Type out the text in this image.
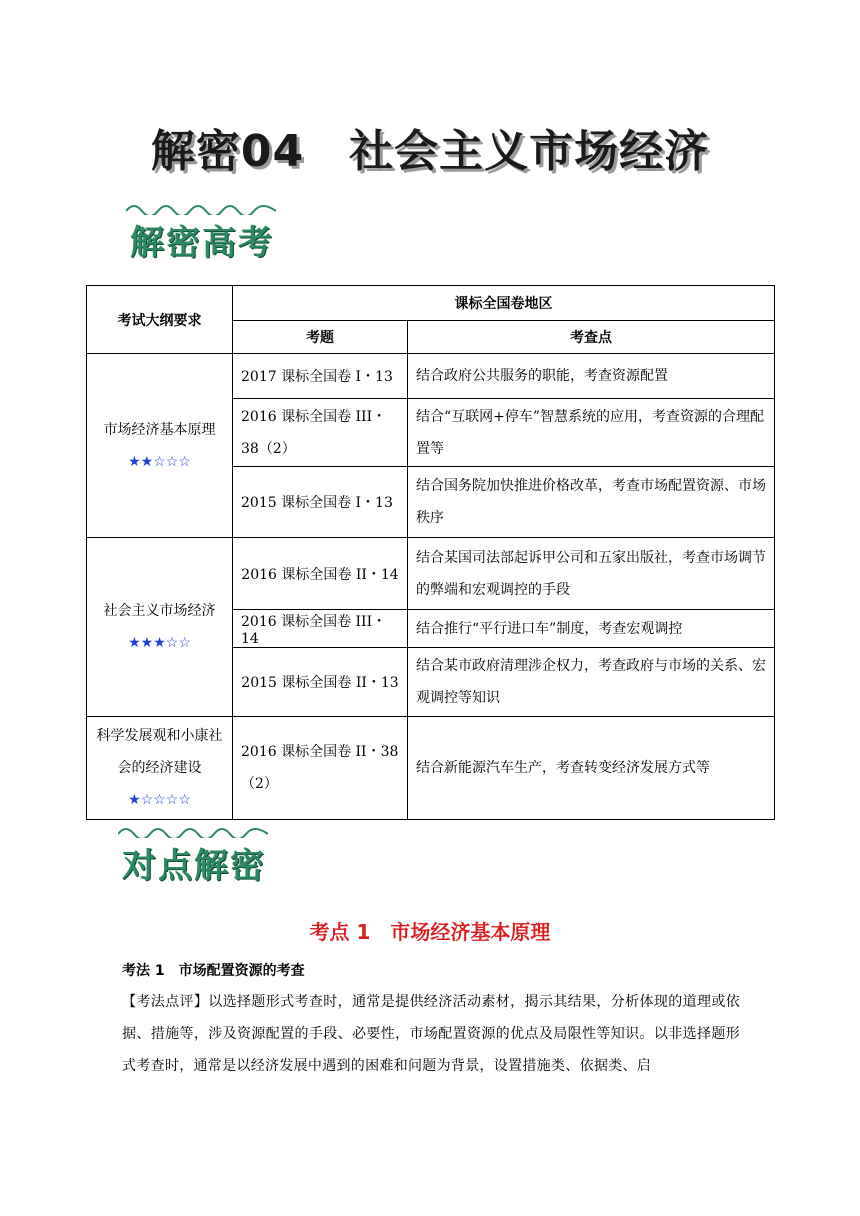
解密04　社会主义市场经济
解密高考
考试大纲要求	课标全国卷地区	
	考题	考查点

市场经济基本原理
★★☆☆☆	2017 课标全国卷 I・13	结合政府公共服务的职能，考查资源配置
	2016 课标全国卷 III・38（2）	结合“互联网+停车”智慧系统的应用，考查资源的合理配置等
	2015 课标全国卷 I・13	结合国务院加快推进价格改革，考查市场配置资源、市场秩序

社会主义市场经济
★★★☆☆	2016 课标全国卷 II・14	结合某国司法部起诉甲公司和五家出版社，考查市场调节的弊端和宏观调控的手段
	2016 课标全国卷 III・14	结合推行“平行进口车”制度，考查宏观调控
	2015 课标全国卷 II・13	结合某市政府清理涉企权力，考查政府与市场的关系、宏观调控等知识

科学发展观和小康社会的经济建设
★☆☆☆☆	2016 课标全国卷 II・38（2）	结合新能源汽车生产，考查转变经济发展方式等
对点解密
考点 1　市场经济基本原理
考法 1　市场配置资源的考查
【考法点评】以选择题形式考查时，通常是提供经济活动素材，揭示其结果，分析体现的道理或依据、措施等，涉及资源配置的手段、必要性，市场配置资源的优点及局限性等知识。以非选择题形式考查时，通常是以经济发展中遇到的困难和问题为背景，设置措施类、依据类、启
